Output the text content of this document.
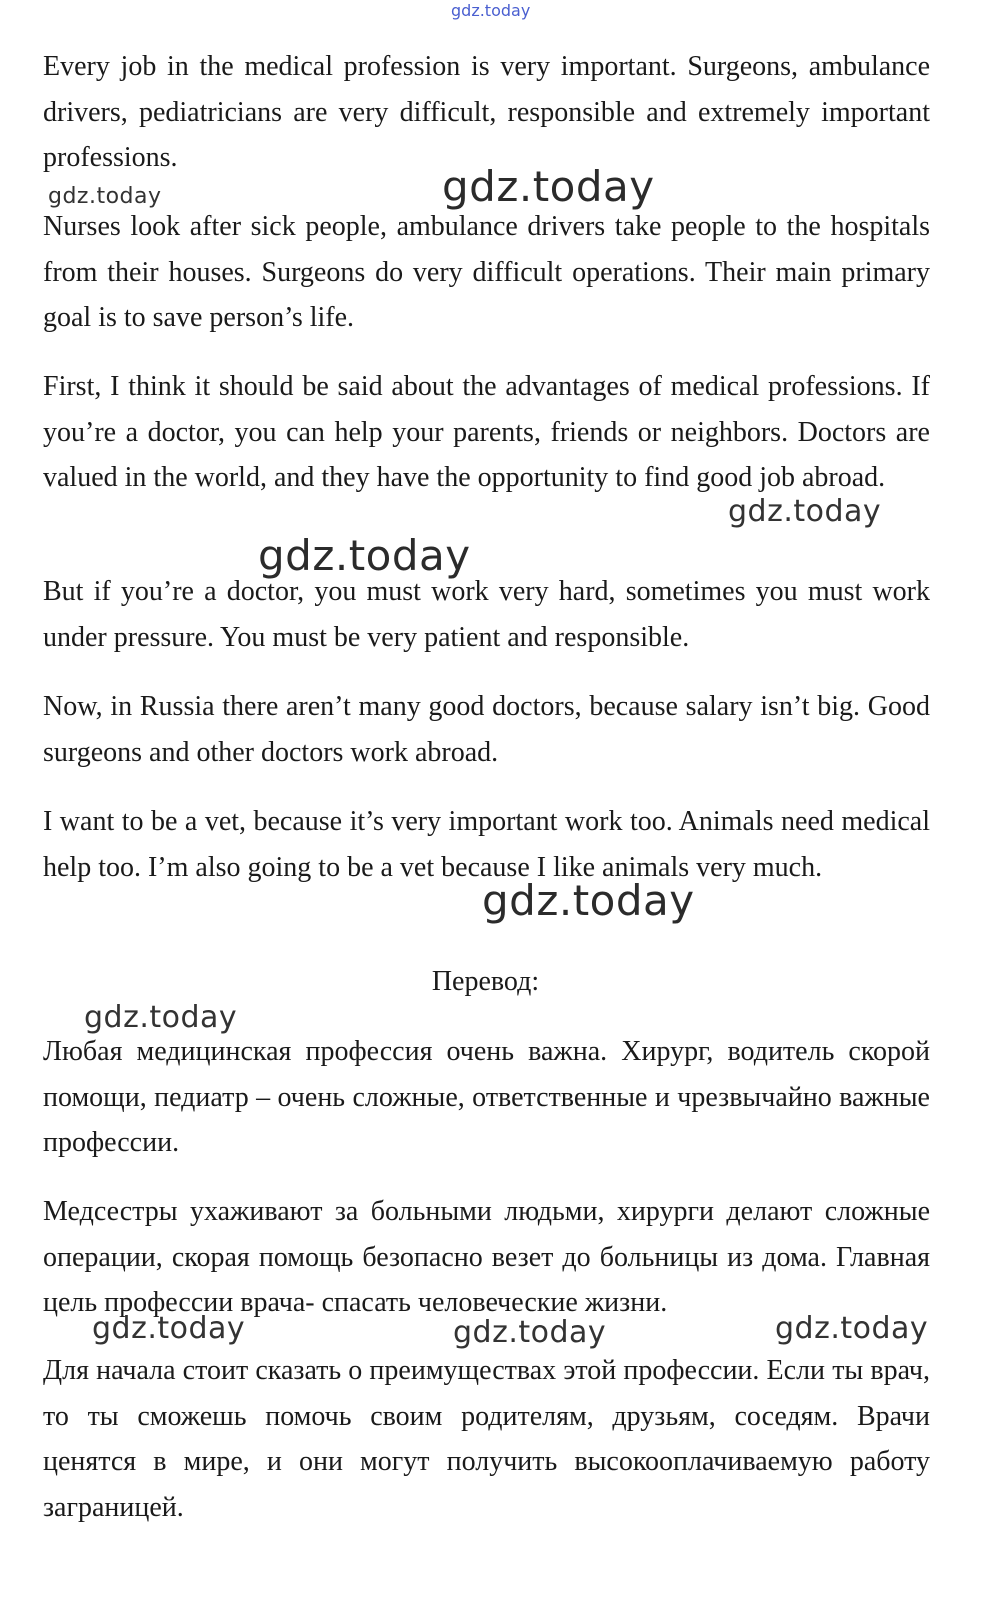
gdz.today

Every job in the medical profession is very important. Surgeons, ambulance drivers, pediatricians are very difficult, responsible and extremely important professions.

gdz.today	gdz.today

Nurses look after sick people, ambulance drivers take people to the hospitals from their houses. Surgeons do very difficult operations. Their main primary goal is to save person’s life.

First, I think it should be said about the advantages of medical professions. If you’re a doctor, you can help your parents, friends or neighbors. Doctors are valued in the world, and they have the opportunity to find good job abroad.

gdz.today
gdz.today

But if you’re a doctor, you must work very hard, sometimes you must work under pressure. You must be very patient and responsible.

Now, in Russia there aren’t many good doctors, because salary isn’t big. Good surgeons and other doctors work abroad.

I want to be a vet, because it’s very important work too. Animals need medical help too. I’m also going to be a vet because I like animals very much.

gdz.today

Перевод:

gdz.today

Любая медицинская профессия очень важна. Хирург, водитель скорой помощи, педиатр – очень сложные, ответственные и чрезвычайно важные профессии.

Медсестры ухаживают за больными людьми, хирурги делают сложные операции, скорая помощь безопасно везет до больницы из дома. Главная цель профессии врача- спасать человеческие жизни.

gdz.today	gdz.today	gdz.today

Для начала стоит сказать о преимуществах этой профессии. Если ты врач, то ты сможешь помочь своим родителям, друзьям, соседям. Врачи ценятся в мире, и они могут получить высокооплачиваемую работу заграницей.
